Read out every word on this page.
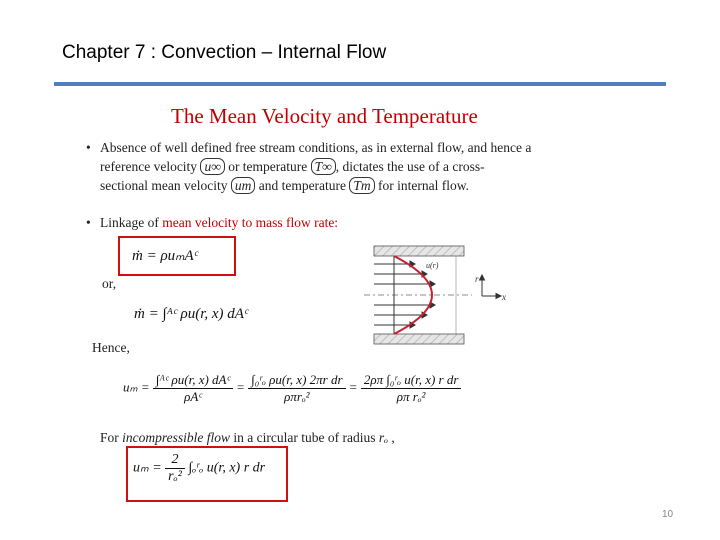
Chapter 7 : Convection – Internal Flow
The Mean Velocity and Temperature
• Absence of well defined free stream conditions, as in external flow, and hence a
reference velocity u∞ or temperature T∞ , dictates the use of a cross-
sectional mean velocity um and temperature Tm for internal flow.
• Linkage of mean velocity to mass flow rate:
ṁ = ρuₘAᶜ
or,
ṁ = ∫ᴬᶜ ρu(r, x) dAᶜ
Hence,
$u_m = \frac{\text{∫ᴬᶜ ρu(r, x) dAᶜ}}{\text{ρAᶜ}} = \frac{\text{∫₀ʳₒ ρu(r, x) 2πr dr}}{\text{ρπrₒ²}} = \frac{\text{2ρπ ∫₀ʳₒ u(r, x) r dr}}{\text{ρπ rₒ²}}$
For incompressible flow in a circular tube of radius rₒ ,
$u_m = \frac{2}{\text{rₒ²}}$ ∫ₒʳₒ u(r, x) r dr
u(r)
r
x
10
